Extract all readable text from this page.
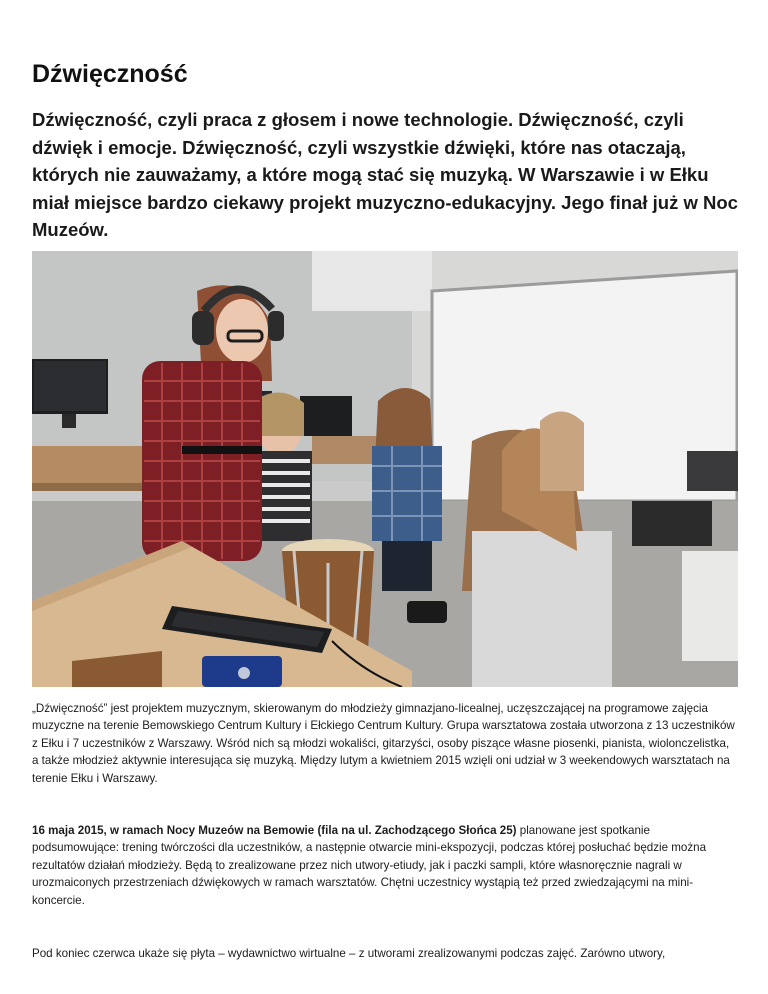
Dźwięczność

Dźwięczność, czyli praca z głosem i nowe technologie. Dźwięczność, czyli dźwięk i emocje. Dźwięczność, czyli wszystkie dźwięki, które nas otaczają, których nie zauważamy, a które mogą stać się muzyką. W Warszawie i w Ełku miał miejsce bardzo ciekawy projekt muzyczno-edukacyjny. Jego finał już w Noc Muzeów.

„Dźwięczność” jest projektem muzycznym, skierowanym do młodzieży gimnazjano-licealnej, uczęszczającej na programowe zajęcia muzyczne na terenie Bemowskiego Centrum Kultury i Ełckiego Centrum Kultury. Grupa warsztatowa została utworzona z 13 uczestników z Ełku i 7 uczestników z Warszawy. Wśród nich są młodzi wokaliści, gitarzyści, osoby piszące własne piosenki, pianista, wiolonczelistka, a także młodzież aktywnie interesująca się muzyką. Między lutym a kwietniem 2015 wzięli oni udział w 3 weekendowych warsztatach na terenie Ełku i Warszawy.

16 maja 2015, w ramach Nocy Muzeów na Bemowie (fila na ul. Zachodzącego Słońca 25) planowane jest spotkanie podsumowujące: trening twórczości dla uczestników, a następnie otwarcie mini-ekspozycji, podczas której posłuchać będzie można rezultatów działań młodzieży. Będą to zrealizowane przez nich utwory-etiudy, jak i paczki sampli, które własnoręcznie nagrali w urozmaiconych przestrzeniach dźwiękowych w ramach warsztatów. Chętni uczestnicy wystąpią też przed zwiedzającymi na mini-koncercie.

Pod koniec czerwca ukaże się płyta – wydawnictwo wirtualne – z utworami zrealizowanymi podczas zajęć. Zarówno utwory,
